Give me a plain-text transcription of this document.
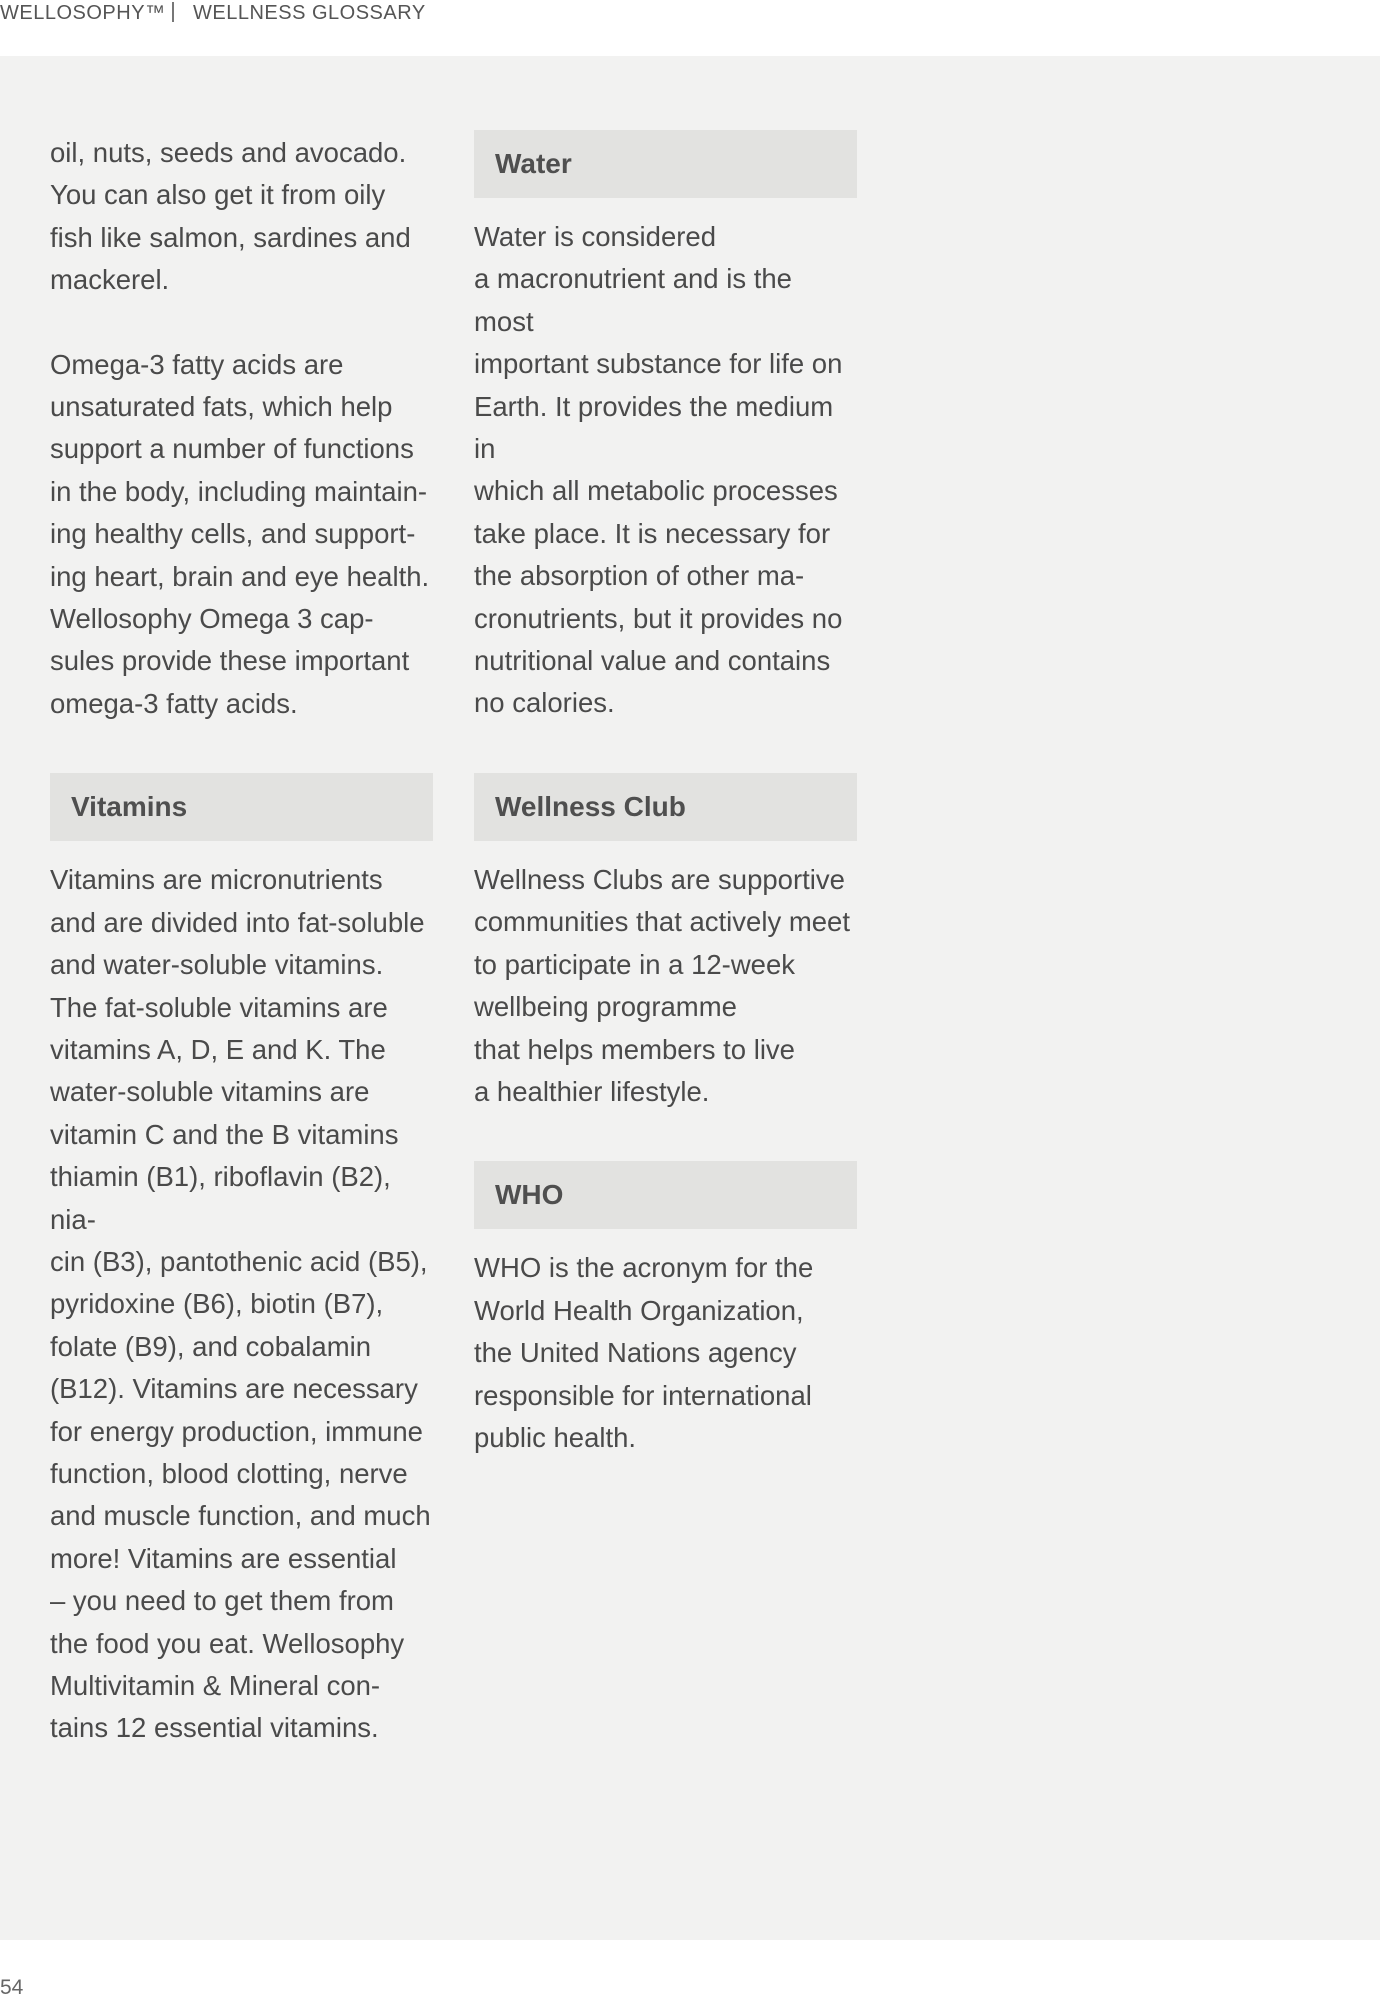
WELLOSOPHY™ WELLNESS GLOSSARY

oil, nuts, seeds and avocado.
You can also get it from oily
fish like salmon, sardines and
mackerel.

Omega-3 fatty acids are
unsaturated fats, which help
support a number of functions
in the body, including maintain-
ing healthy cells, and support-
ing heart, brain and eye health.
Wellosophy Omega 3 cap-
sules provide these important
omega-3 fatty acids.

Vitamins

Vitamins are micronutrients
and are divided into fat-soluble
and water-soluble vitamins.
The fat-soluble vitamins are
vitamins A, D, E and K. The
water-soluble vitamins are
vitamin C and the B vitamins
thiamin (B1), riboflavin (B2), nia-
cin (B3), pantothenic acid (B5),
pyridoxine (B6), biotin (B7),
folate (B9), and cobalamin
(B12). Vitamins are necessary
for energy production, immune
function, blood clotting, nerve
and muscle function, and much
more! Vitamins are essential
– you need to get them from
the food you eat. Wellosophy
Multivitamin & Mineral con-
tains 12 essential vitamins.

Water

Water is considered
a macronutrient and is the most
important substance for life on
Earth. It provides the medium in
which all metabolic processes
take place. It is necessary for
the absorption of other ma-
cronutrients, but it provides no
nutritional value and contains
no calories.

Wellness Club

Wellness Clubs are supportive
communities that actively meet
to participate in a 12-week
wellbeing programme
that helps members to live
a healthier lifestyle.

WHO

WHO is the acronym for the
World Health Organization,
the United Nations agency
responsible for international
public health.

54
